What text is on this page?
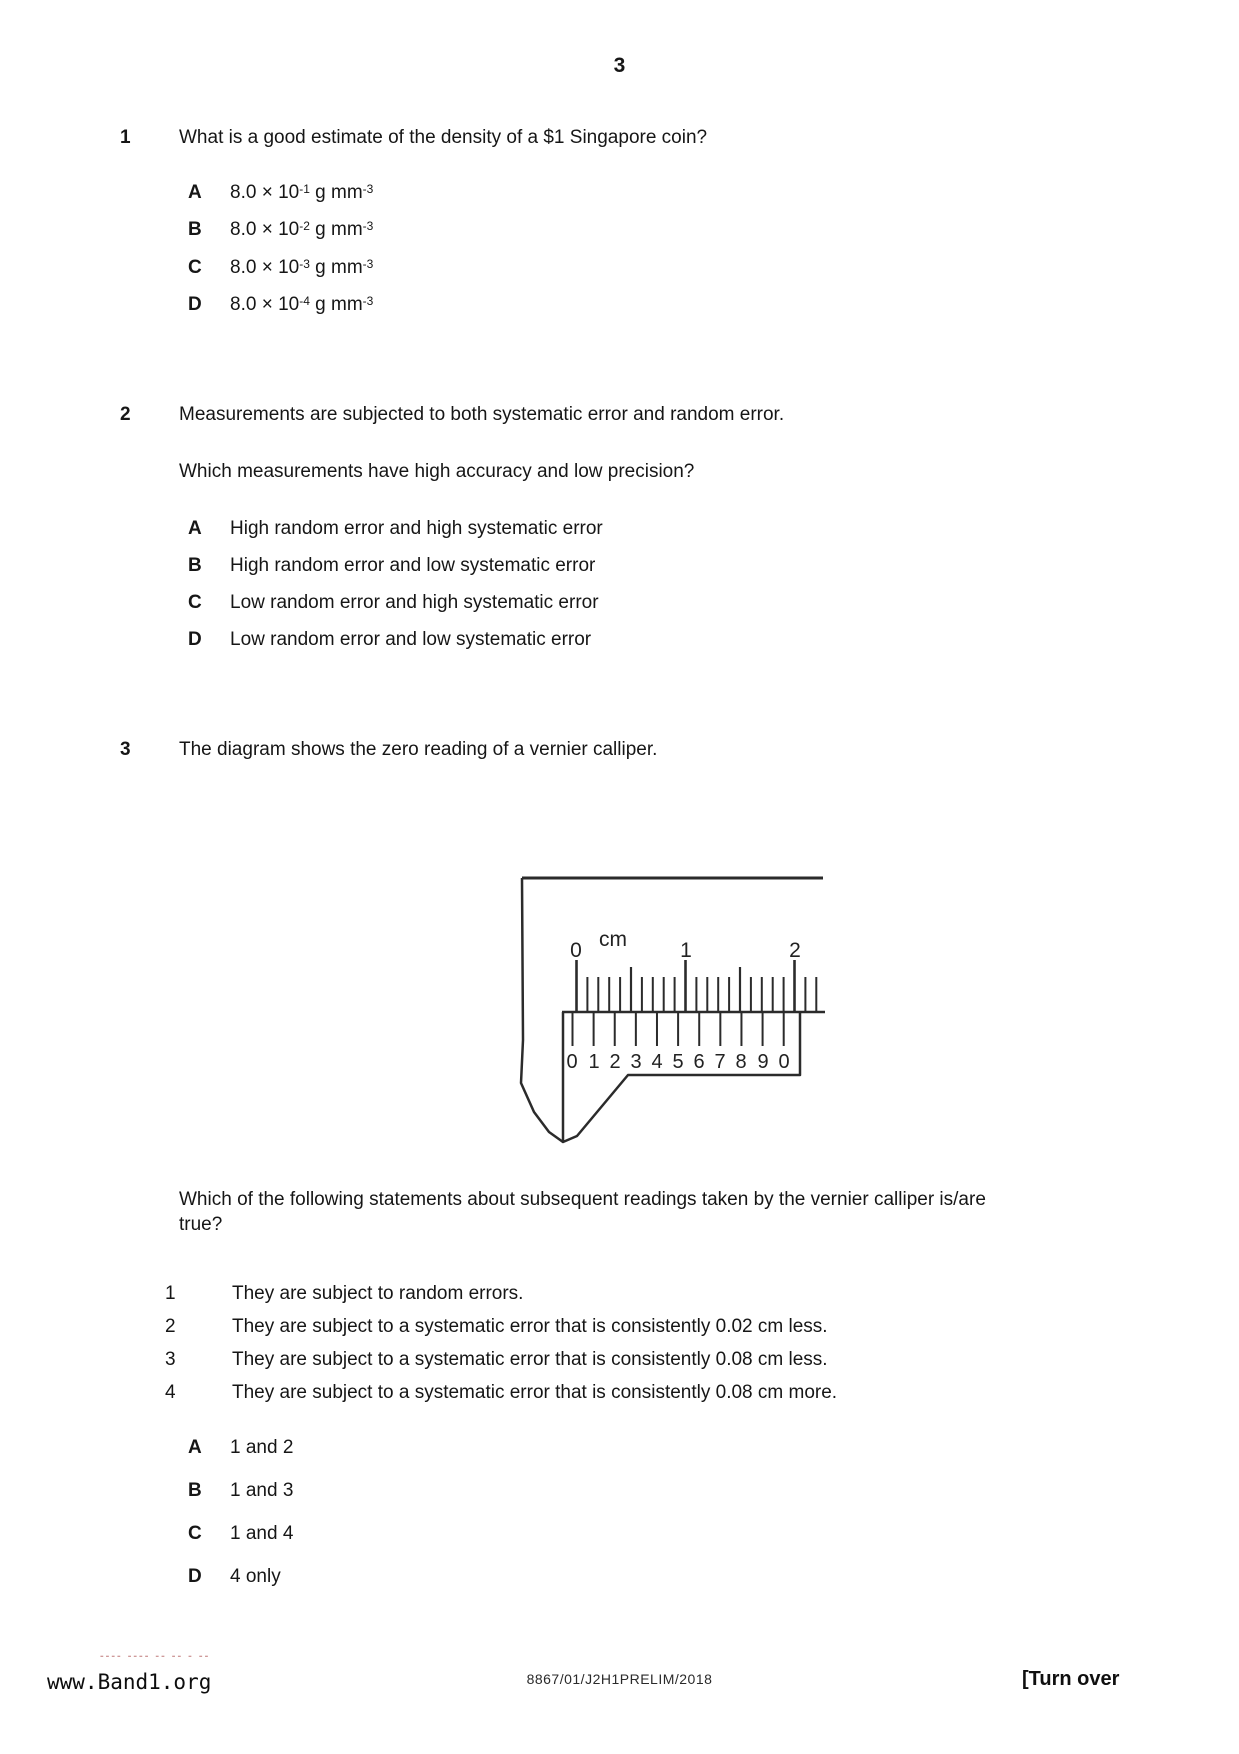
3
1	What is a good estimate of the density of a $1 Singapore coin?
A $8.0 \times 10^{-1}$ g $mm^{-3}$
B $8.0 \times 10^{-2}$ g $mm^{-3}$
C $8.0 \times 10^{-3}$ g $mm^{-3}$
D $8.0 \times 10^{-4}$ g $mm^{-3}$
2	Measurements are subjected to both systematic error and random error.
Which measurements have high accuracy and low precision?
A High random error and high systematic error
B High random error and low systematic error
C Low random error and high systematic error
D Low random error and low systematic error
3	The diagram shows the zero reading of a vernier calliper.
0 cm	1	2
0 1 2 3 4 5 6 7 8 9 0
Which of the following statements about subsequent readings taken by the vernier calliper is/are true?
1	They are subject to random errors.
2	They are subject to a systematic error that is consistently 0.02 cm less.
3	They are subject to a systematic error that is consistently 0.08 cm less.
4	They are subject to a systematic error that is consistently 0.08 cm more.
A 1 and 2
B 1 and 3
C 1 and 4
D 4 only
---- ---- -- -- - --
www.Band1.org	8867/01/J2H1PRELIM/2018	[Turn over
